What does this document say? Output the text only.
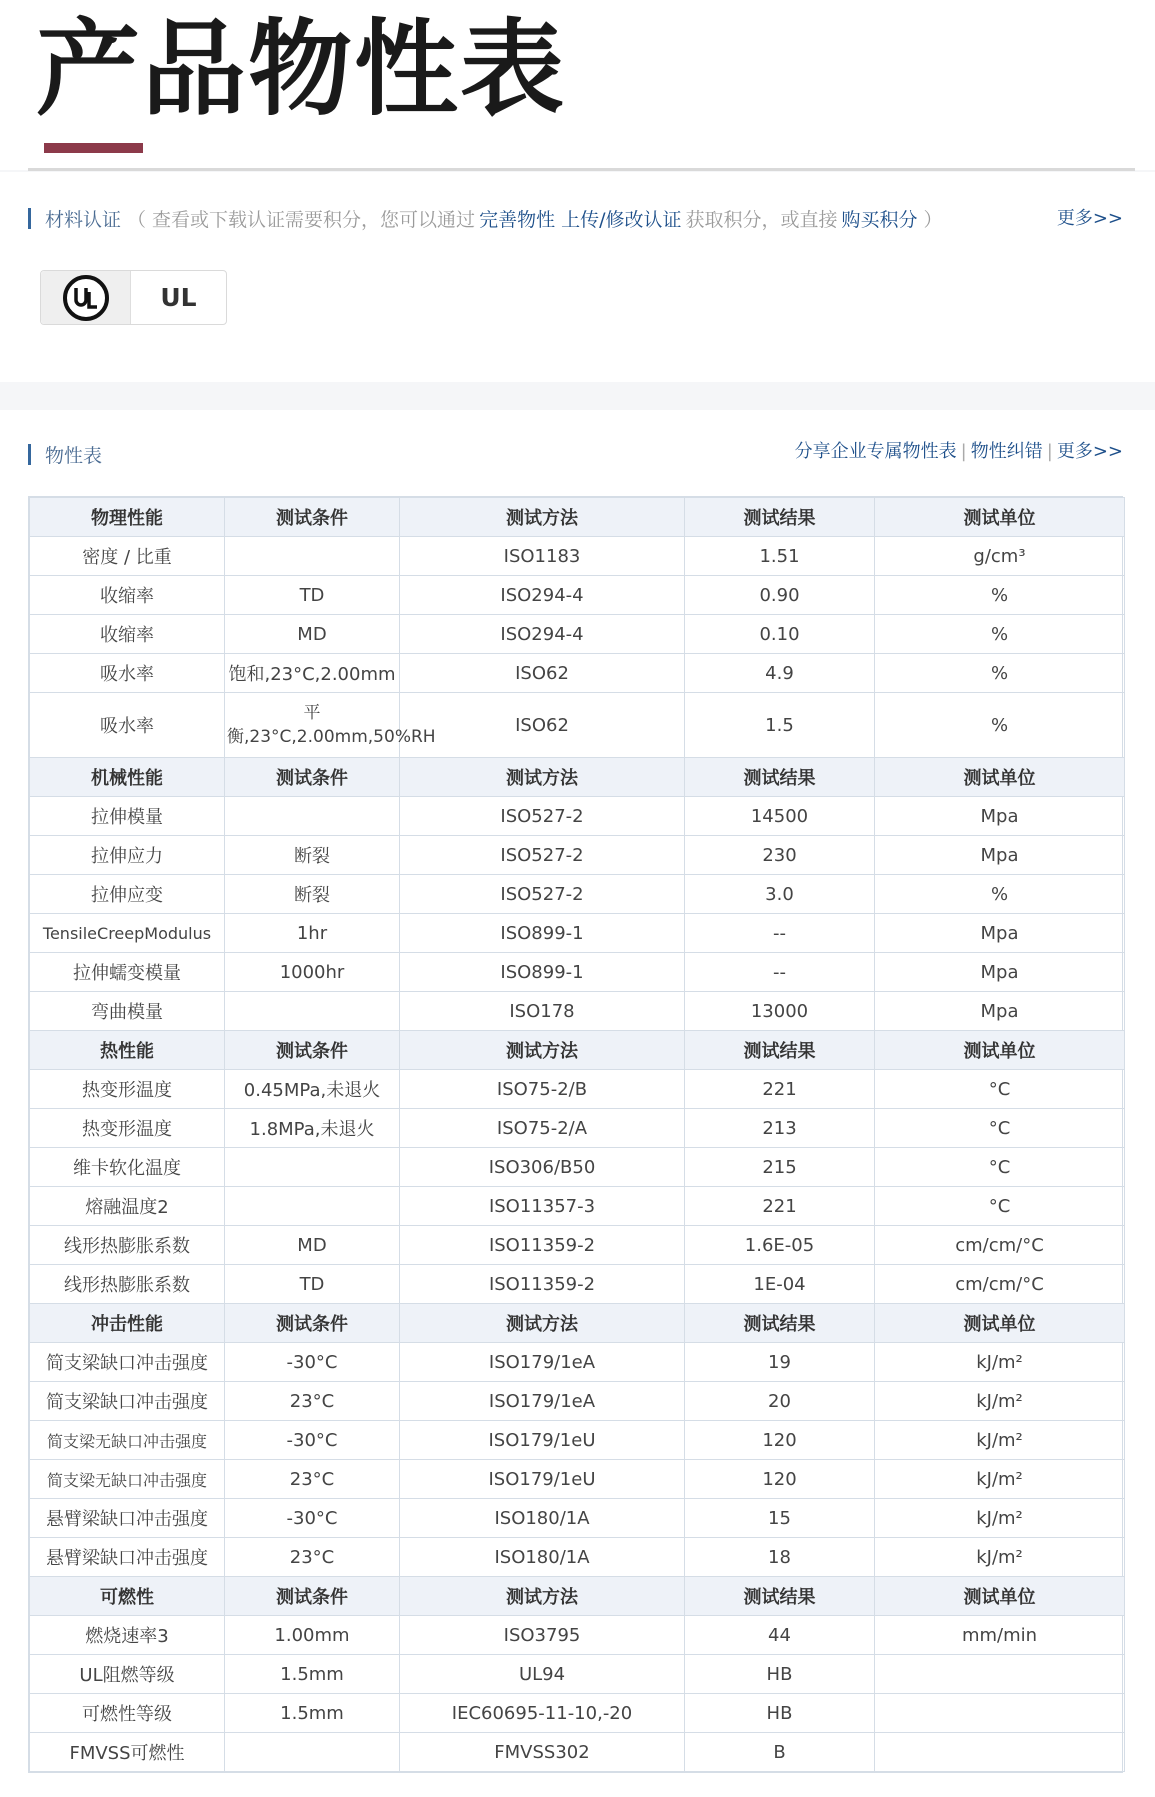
产品物性表
材料认证 （ 查看或下载认证需要积分，您可以通过 完善物性 上传/修改认证 获取积分，或直接 购买积分 ）	更多>>
UL
物性表	分享企业专属物性表 | 物性纠错 | 更多>>
物理性能	测试条件	测试方法	测试结果	测试单位
密度 / 比重		ISO1183	1.51	g/cm³
收缩率	TD	ISO294-4	0.90	%
收缩率	MD	ISO294-4	0.10	%
吸水率	饱和,23°C,2.00mm	ISO62	4.9	%
吸水率	平衡,23°C,2.00mm,50%RH	ISO62	1.5	%
机械性能	测试条件	测试方法	测试结果	测试单位
拉伸模量		ISO527-2	14500	Mpa
拉伸应力	断裂	ISO527-2	230	Mpa
拉伸应变	断裂	ISO527-2	3.0	%
TensileCreepModulus	1hr	ISO899-1	--	Mpa
拉伸蠕变模量	1000hr	ISO899-1	--	Mpa
弯曲模量		ISO178	13000	Mpa
热性能	测试条件	测试方法	测试结果	测试单位
热变形温度	0.45MPa,未退火	ISO75-2/B	221	°C
热变形温度	1.8MPa,未退火	ISO75-2/A	213	°C
维卡软化温度		ISO306/B50	215	°C
熔融温度2		ISO11357-3	221	°C
线形热膨胀系数	MD	ISO11359-2	1.6E-05	cm/cm/°C
线形热膨胀系数	TD	ISO11359-2	1E-04	cm/cm/°C
冲击性能	测试条件	测试方法	测试结果	测试单位
简支梁缺口冲击强度	-30°C	ISO179/1eA	19	kJ/m²
简支梁缺口冲击强度	23°C	ISO179/1eA	20	kJ/m²
简支梁无缺口冲击强度	-30°C	ISO179/1eU	120	kJ/m²
简支梁无缺口冲击强度	23°C	ISO179/1eU	120	kJ/m²
悬臂梁缺口冲击强度	-30°C	ISO180/1A	15	kJ/m²
悬臂梁缺口冲击强度	23°C	ISO180/1A	18	kJ/m²
可燃性	测试条件	测试方法	测试结果	测试单位
燃烧速率3	1.00mm	ISO3795	44	mm/min
UL阻燃等级	1.5mm	UL94	HB	
可燃性等级	1.5mm	IEC60695-11-10,-20	HB	
FMVSS可燃性		FMVSS302	B	
